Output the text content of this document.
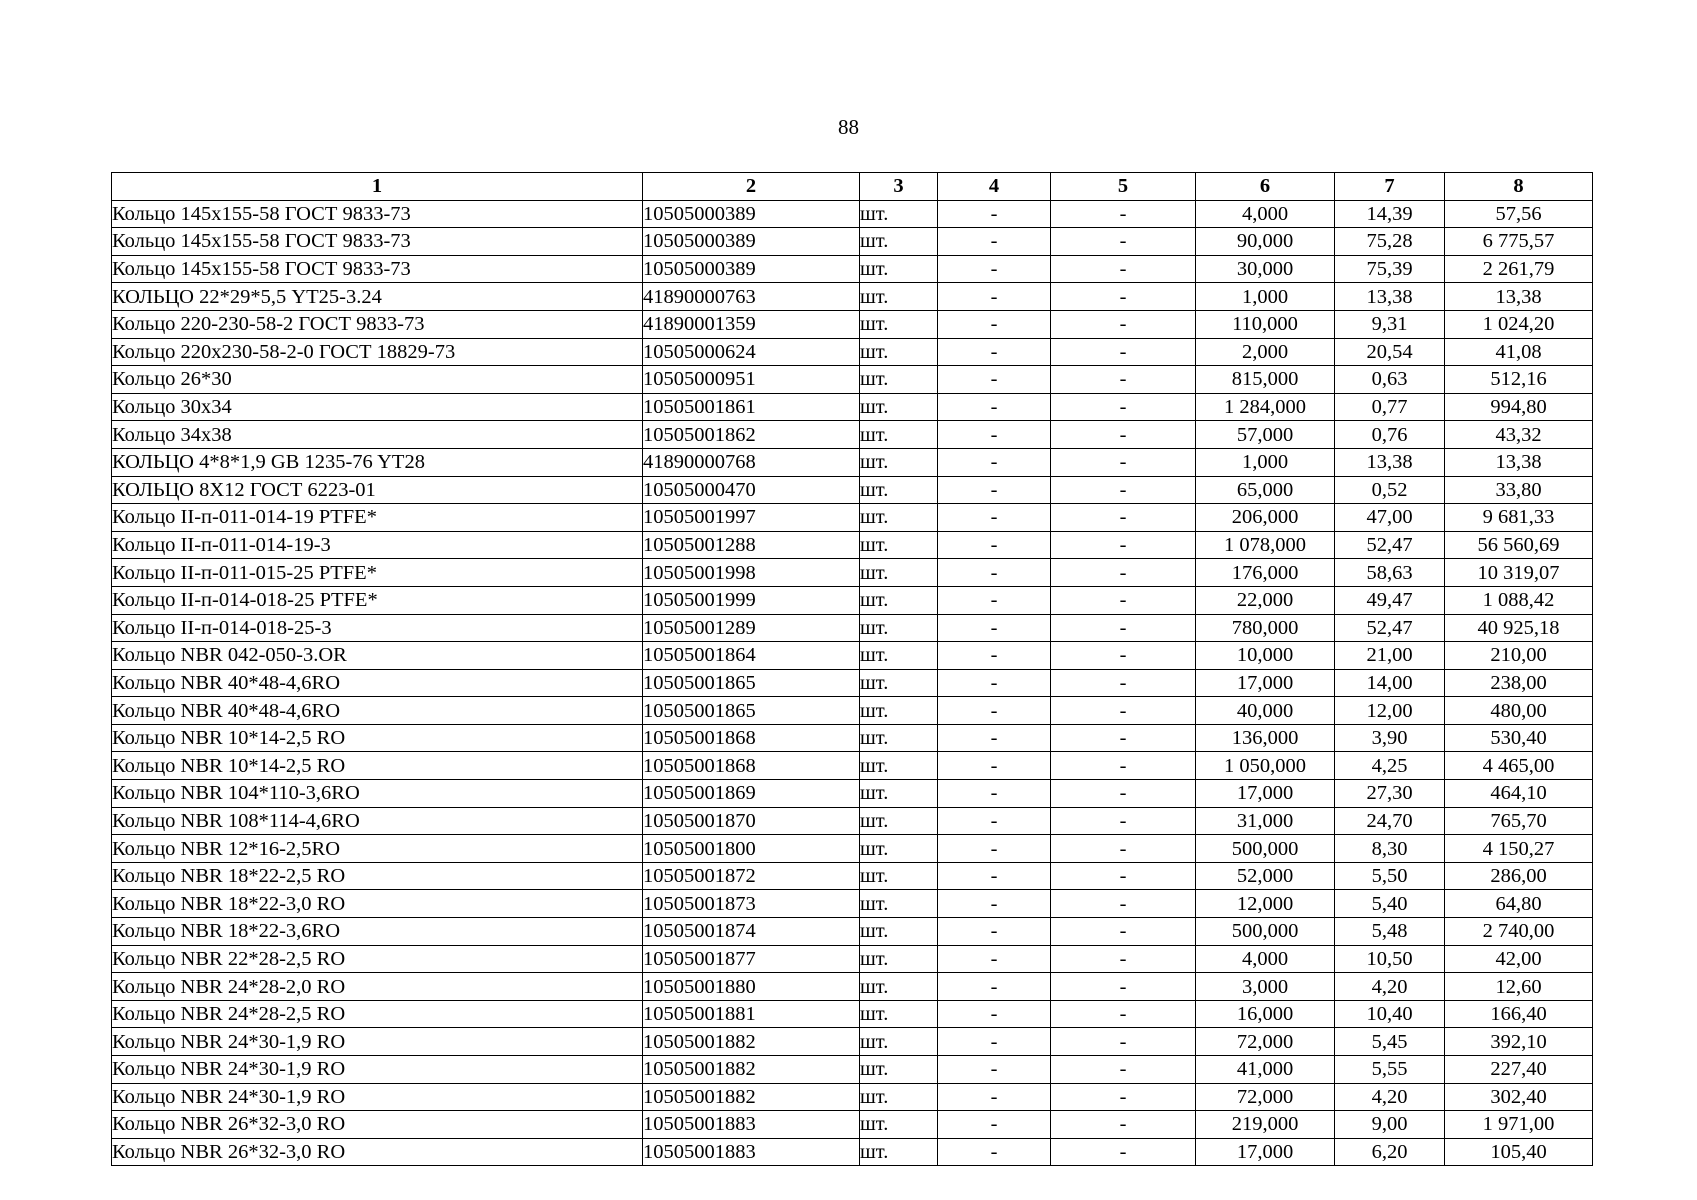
88
1	2	3	4	5	6	7	8
Кольцо 145x155-58 ГОСТ 9833-73	10505000389	шт.	-	-	4,000	14,39	57,56
Кольцо 145x155-58 ГОСТ 9833-73	10505000389	шт.	-	-	90,000	75,28	6 775,57
Кольцо 145x155-58 ГОСТ 9833-73	10505000389	шт.	-	-	30,000	75,39	2 261,79
КОЛЬЦО 22*29*5,5 YT25-3.24	41890000763	шт.	-	-	1,000	13,38	13,38
Кольцо 220-230-58-2 ГОСТ 9833-73	41890001359	шт.	-	-	110,000	9,31	1 024,20
Кольцо 220x230-58-2-0 ГОСТ 18829-73	10505000624	шт.	-	-	2,000	20,54	41,08
Кольцо 26*30	10505000951	шт.	-	-	815,000	0,63	512,16
Кольцо 30x34	10505001861	шт.	-	-	1 284,000	0,77	994,80
Кольцо 34x38	10505001862	шт.	-	-	57,000	0,76	43,32
КОЛЬЦО 4*8*1,9 GB 1235-76 YT28	41890000768	шт.	-	-	1,000	13,38	13,38
КОЛЬЦО 8Х12 ГОСТ 6223-01	10505000470	шт.	-	-	65,000	0,52	33,80
Кольцо II-п-011-014-19 PTFE*	10505001997	шт.	-	-	206,000	47,00	9 681,33
Кольцо II-п-011-014-19-3	10505001288	шт.	-	-	1 078,000	52,47	56 560,69
Кольцо II-п-011-015-25 PTFE*	10505001998	шт.	-	-	176,000	58,63	10 319,07
Кольцо II-п-014-018-25 PTFE*	10505001999	шт.	-	-	22,000	49,47	1 088,42
Кольцо II-п-014-018-25-3	10505001289	шт.	-	-	780,000	52,47	40 925,18
Кольцо NBR 042-050-3.OR	10505001864	шт.	-	-	10,000	21,00	210,00
Кольцо NBR 40*48-4,6RO	10505001865	шт.	-	-	17,000	14,00	238,00
Кольцо NBR 40*48-4,6RO	10505001865	шт.	-	-	40,000	12,00	480,00
Кольцо NBR 10*14-2,5 RO	10505001868	шт.	-	-	136,000	3,90	530,40
Кольцо NBR 10*14-2,5 RO	10505001868	шт.	-	-	1 050,000	4,25	4 465,00
Кольцо NBR 104*110-3,6RO	10505001869	шт.	-	-	17,000	27,30	464,10
Кольцо NBR 108*114-4,6RO	10505001870	шт.	-	-	31,000	24,70	765,70
Кольцо NBR 12*16-2,5RO	10505001800	шт.	-	-	500,000	8,30	4 150,27
Кольцо NBR 18*22-2,5 RO	10505001872	шт.	-	-	52,000	5,50	286,00
Кольцо NBR 18*22-3,0 RO	10505001873	шт.	-	-	12,000	5,40	64,80
Кольцо NBR 18*22-3,6RO	10505001874	шт.	-	-	500,000	5,48	2 740,00
Кольцо NBR 22*28-2,5 RO	10505001877	шт.	-	-	4,000	10,50	42,00
Кольцо NBR 24*28-2,0 RO	10505001880	шт.	-	-	3,000	4,20	12,60
Кольцо NBR 24*28-2,5 RO	10505001881	шт.	-	-	16,000	10,40	166,40
Кольцо NBR 24*30-1,9 RO	10505001882	шт.	-	-	72,000	5,45	392,10
Кольцо NBR 24*30-1,9 RO	10505001882	шт.	-	-	41,000	5,55	227,40
Кольцо NBR 24*30-1,9 RO	10505001882	шт.	-	-	72,000	4,20	302,40
Кольцо NBR 26*32-3,0 RO	10505001883	шт.	-	-	219,000	9,00	1 971,00
Кольцо NBR 26*32-3,0 RO	10505001883	шт.	-	-	17,000	6,20	105,40
